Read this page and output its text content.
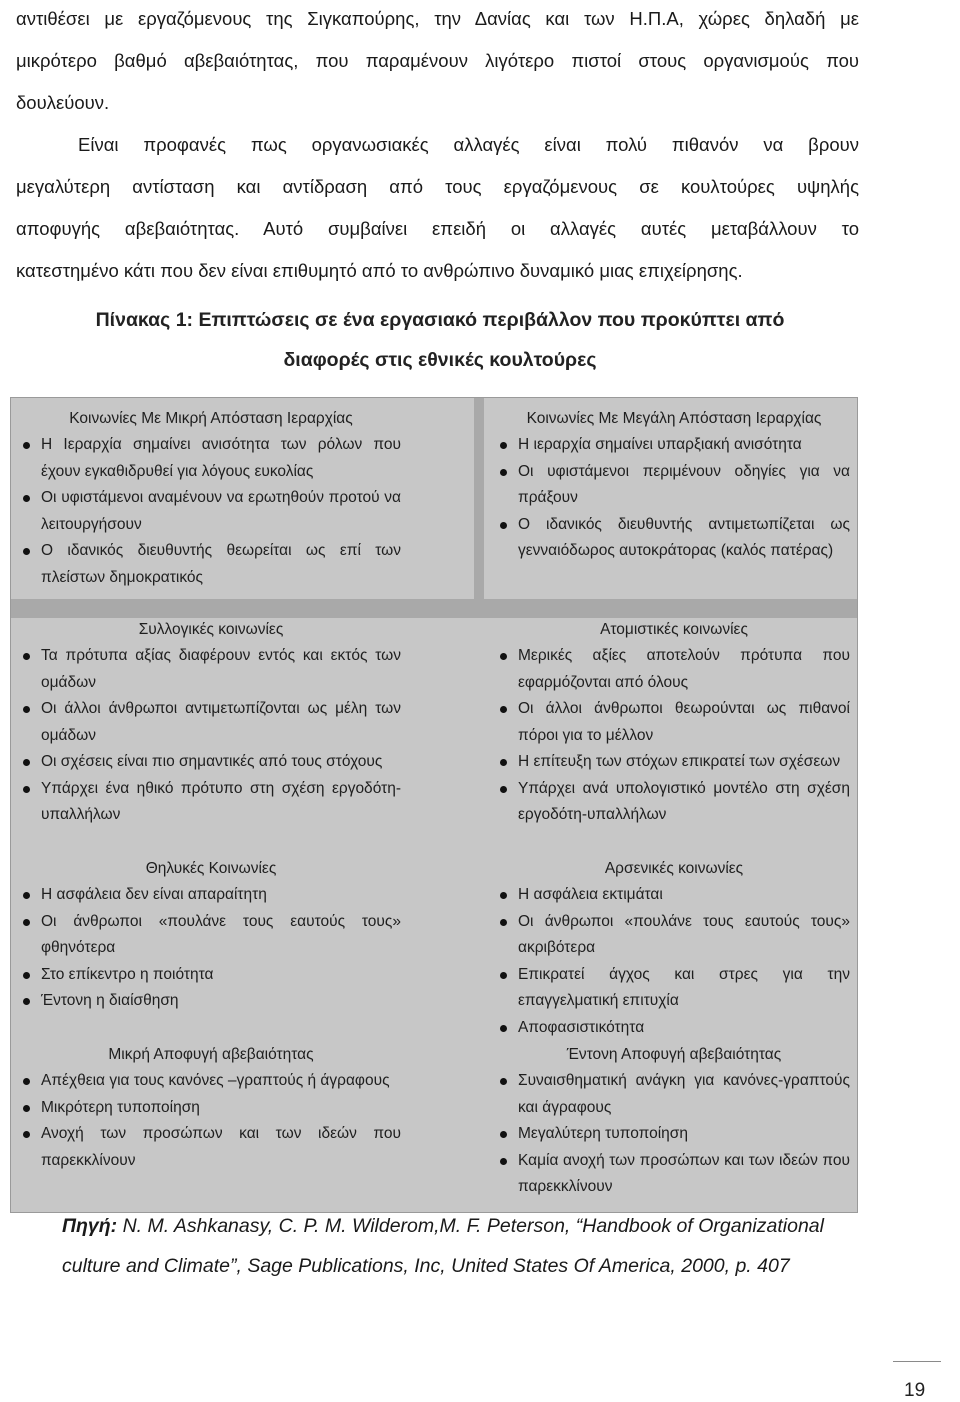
αντιθέσει με εργαζόμενους της Σιγκαπούρης, την Δανίας και των Η.Π.Α, χώρες δηλαδή με
μικρότερο βαθμό αβεβαιότητας, που παραμένουν λιγότερο πιστοί στους οργανισμούς που
δουλεύουν.
Είναι προφανές πως οργανωσιακές αλλαγές είναι πολύ πιθανόν να βρουν
μεγαλύτερη αντίσταση και αντίδραση από τους εργαζόμενους σε κουλτούρες υψηλής
αποφυγής αβεβαιότητας. Αυτό συμβαίνει επειδή οι αλλαγές αυτές μεταβάλλουν το
κατεστημένο κάτι που δεν είναι επιθυμητό από το ανθρώπινο δυναμικό μιας επιχείρησης.
Πίνακας 1: Επιπτώσεις σε ένα εργασιακό περιβάλλον που προκύπτει από
διαφορές στις εθνικές κουλτούρες
Κοινωνίες Με Μικρή Απόσταση Ιεραρχίας
Η Ιεραρχία σημαίνει ανισότητα των ρόλων που έχουν εγκαθιδρυθεί για λόγους ευκολίας
Οι υφιστάμενοι αναμένουν να ερωτηθούν προτού να λειτουργήσουν
Ο ιδανικός διευθυντής θεωρείται ως επί των πλείστων δημοκρατικός
Κοινωνίες Με Μεγάλη Απόσταση Ιεραρχίας
Η ιεραρχία σημαίνει υπαρξιακή ανισότητα
Οι υφιστάμενοι περιμένουν οδηγίες για να πράξουν
Ο ιδανικός διευθυντής αντιμετωπίζεται ως γενναιόδωρος αυτοκράτορας (καλός πατέρας)
Συλλογικές κοινωνίες
Τα πρότυπα αξίας διαφέρουν εντός και εκτός των ομάδων
Οι άλλοι άνθρωποι αντιμετωπίζονται ως μέλη των ομάδων
Οι σχέσεις είναι πιο σημαντικές από τους στόχους
Υπάρχει ένα ηθικό πρότυπο στη σχέση εργοδότη-υπαλλήλων
Ατομιστικές κοινωνίες
Μερικές αξίες αποτελούν πρότυπα που εφαρμόζονται από όλους
Οι άλλοι άνθρωποι θεωρούνται ως πιθανοί πόροι για το μέλλον
Η επίτευξη των στόχων επικρατεί των σχέσεων
Υπάρχει ανά υπολογιστικό μοντέλο στη σχέση εργοδότη-υπαλλήλων
Θηλυκές Κοινωνίες
Η ασφάλεια δεν είναι απαραίτητη
Οι άνθρωποι «πουλάνε τους εαυτούς τους» φθηνότερα
Στο επίκεντρο η ποιότητα
Έντονη η διαίσθηση
Αρσενικές κοινωνίες
Η ασφάλεια εκτιμάται
Οι άνθρωποι «πουλάνε τους εαυτούς τους» ακριβότερα
Επικρατεί άγχος και στρες για την επαγγελματική επιτυχία
Αποφασιστικότητα
Μικρή Αποφυγή αβεβαιότητας
Απέχθεια για τους κανόνες –γραπτούς ή άγραφους
Μικρότερη τυποποίηση
Ανοχή των προσώπων και των ιδεών που παρεκκλίνουν
Έντονη Αποφυγή αβεβαιότητας
Συναισθηματική ανάγκη για κανόνες-γραπτούς και άγραφους
Μεγαλύτερη τυποποίηση
Καμία ανοχή των προσώπων και των ιδεών που παρεκκλίνουν
Πηγή: N. M. Ashkanasy, C. P. M. Wilderom,M. F. Peterson, “Handbook of Organizational
culture and Climate”, Sage Publications, Inc, United States Of America, 2000, p. 407
19
